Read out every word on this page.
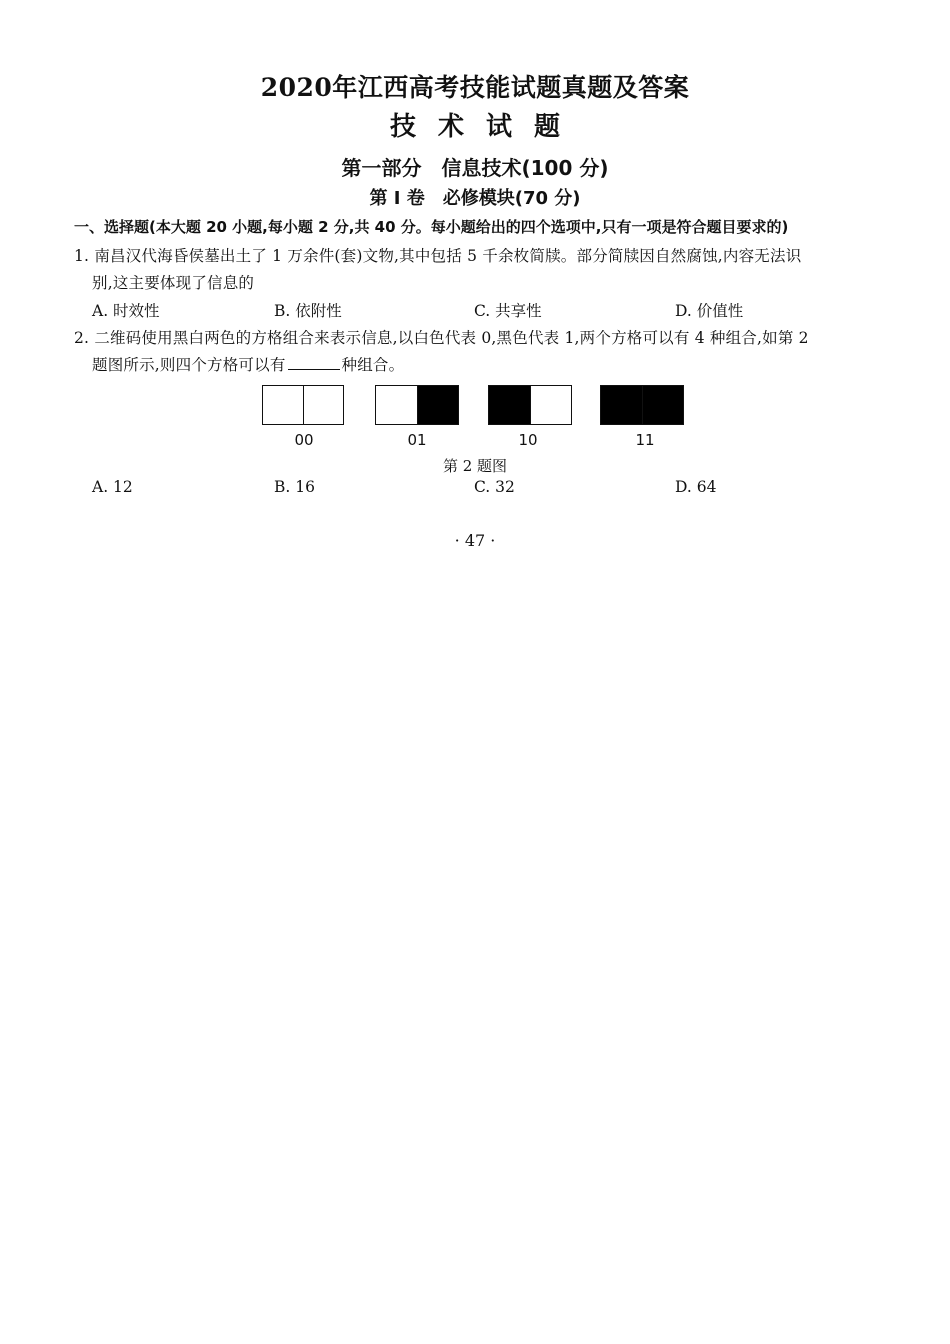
2020年江西高考技能试题真题及答案
技术试题
第一部分　信息技术(100 分)
第 I 卷　必修模块(70 分)
一、选择题(本大题 20 小题,每小题 2 分,共 40 分。每小题给出的四个选项中,只有一项是符合题目要求的)
1. 南昌汉代海昏侯墓出土了 1 万余件(套)文物,其中包括 5 千余枚简牍。部分简牍因自然腐蚀,内容无法识
别,这主要体现了信息的
A. 时效性	B. 依附性	C. 共享性	D. 价值性
2. 二维码使用黑白两色的方格组合来表示信息,以白色代表 0,黑色代表 1,两个方格可以有 4 种组合,如第 2
题图所示,则四个方格可以有	种组合。
00	01	10	11
第 2 题图
A. 12	B. 16	C. 32	D. 64
· 47 ·
